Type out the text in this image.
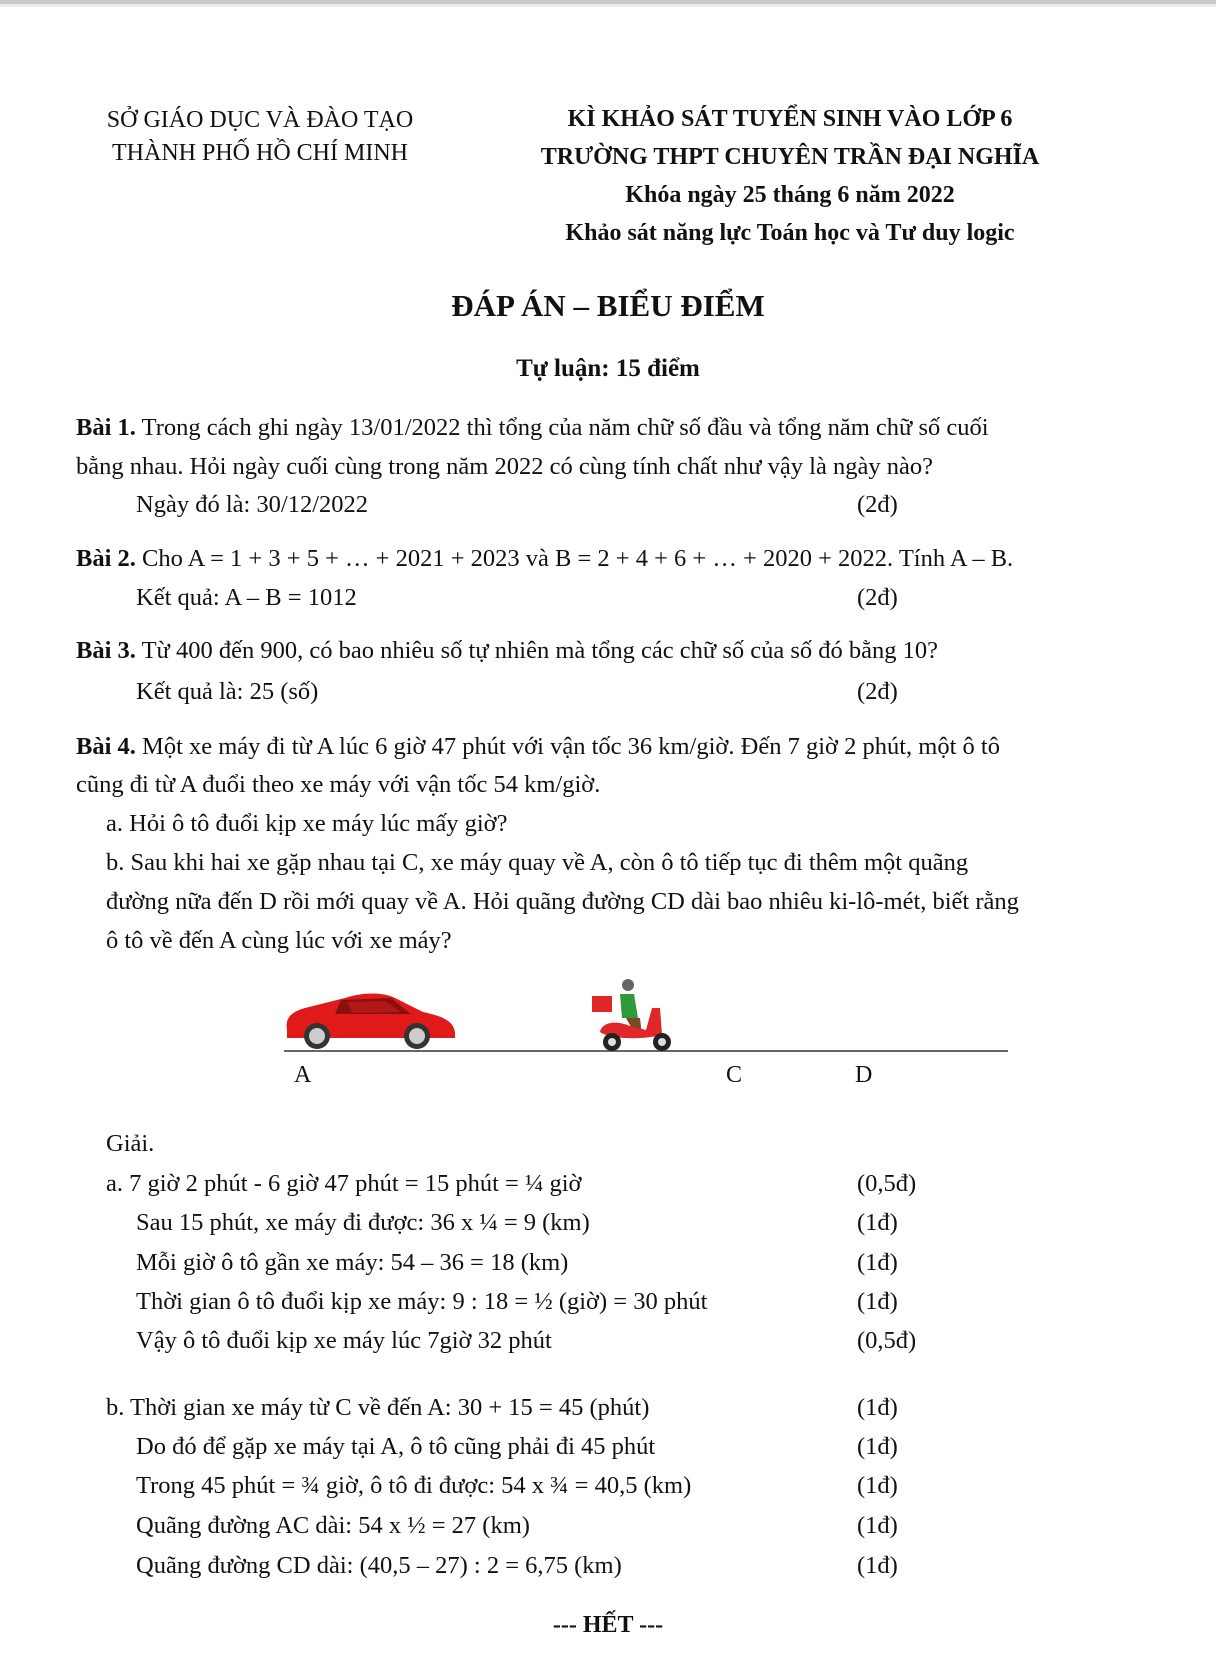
SỞ GIÁO DỤC VÀ ĐÀO TẠO
THÀNH PHỐ HỒ CHÍ MINH
KÌ KHẢO SÁT TUYỂN SINH VÀO LỚP 6
TRƯỜNG THPT CHUYÊN TRẦN ĐẠI NGHĨA
Khóa ngày 25 tháng 6 năm 2022
Khảo sát năng lực Toán học và Tư duy logic
ĐÁP ÁN – BIỂU ĐIỂM
Tự luận: 15 điểm
Bài 1. Trong cách ghi ngày 13/01/2022 thì tổng của năm chữ số đầu và tổng năm chữ số cuối
bằng nhau. Hỏi ngày cuối cùng trong năm 2022 có cùng tính chất như vậy là ngày nào?
Ngày đó là: 30/12/2022	(2đ)
Bài 2. Cho A = 1 + 3 + 5 + … + 2021 + 2023 và B = 2 + 4 + 6 + … + 2020 + 2022. Tính A – B.
Kết quả: A – B = 1012	(2đ)
Bài 3. Từ 400 đến 900, có bao nhiêu số tự nhiên mà tổng các chữ số của số đó bằng 10?
Kết quả là: 25 (số)	(2đ)
Bài 4. Một xe máy đi từ A lúc 6 giờ 47 phút với vận tốc 36 km/giờ. Đến 7 giờ 2 phút, một ô tô
cũng đi từ A đuổi theo xe máy với vận tốc 54 km/giờ.
a. Hỏi ô tô đuổi kịp xe máy lúc mấy giờ?
b. Sau khi hai xe gặp nhau tại C, xe máy quay về A, còn ô tô tiếp tục đi thêm một quãng
đường nữa đến D rồi mới quay về A. Hỏi quãng đường CD dài bao nhiêu ki-lô-mét, biết rằng
ô tô về đến A cùng lúc với xe máy?
A	C	D
Giải.
a. 7 giờ 2 phút - 6 giờ 47 phút = 15 phút = ¼ giờ	(0,5đ)
Sau 15 phút, xe máy đi được: 36 x ¼ = 9 (km)	(1đ)
Mỗi giờ ô tô gần xe máy: 54 – 36 = 18 (km)	(1đ)
Thời gian ô tô đuổi kịp xe máy: 9 : 18 = ½ (giờ) = 30 phút	(1đ)
Vậy ô tô đuổi kịp xe máy lúc 7giờ 32 phút	(0,5đ)
b. Thời gian xe máy từ C về đến A: 30 + 15 = 45 (phút)	(1đ)
Do đó để gặp xe máy tại A, ô tô cũng phải đi 45 phút	(1đ)
Trong 45 phút = ¾ giờ, ô tô đi được: 54 x ¾ = 40,5 (km)	(1đ)
Quãng đường AC dài: 54 x ½ = 27 (km)	(1đ)
Quãng đường CD dài: (40,5 – 27) : 2 = 6,75 (km)	(1đ)
--- HẾT ---
